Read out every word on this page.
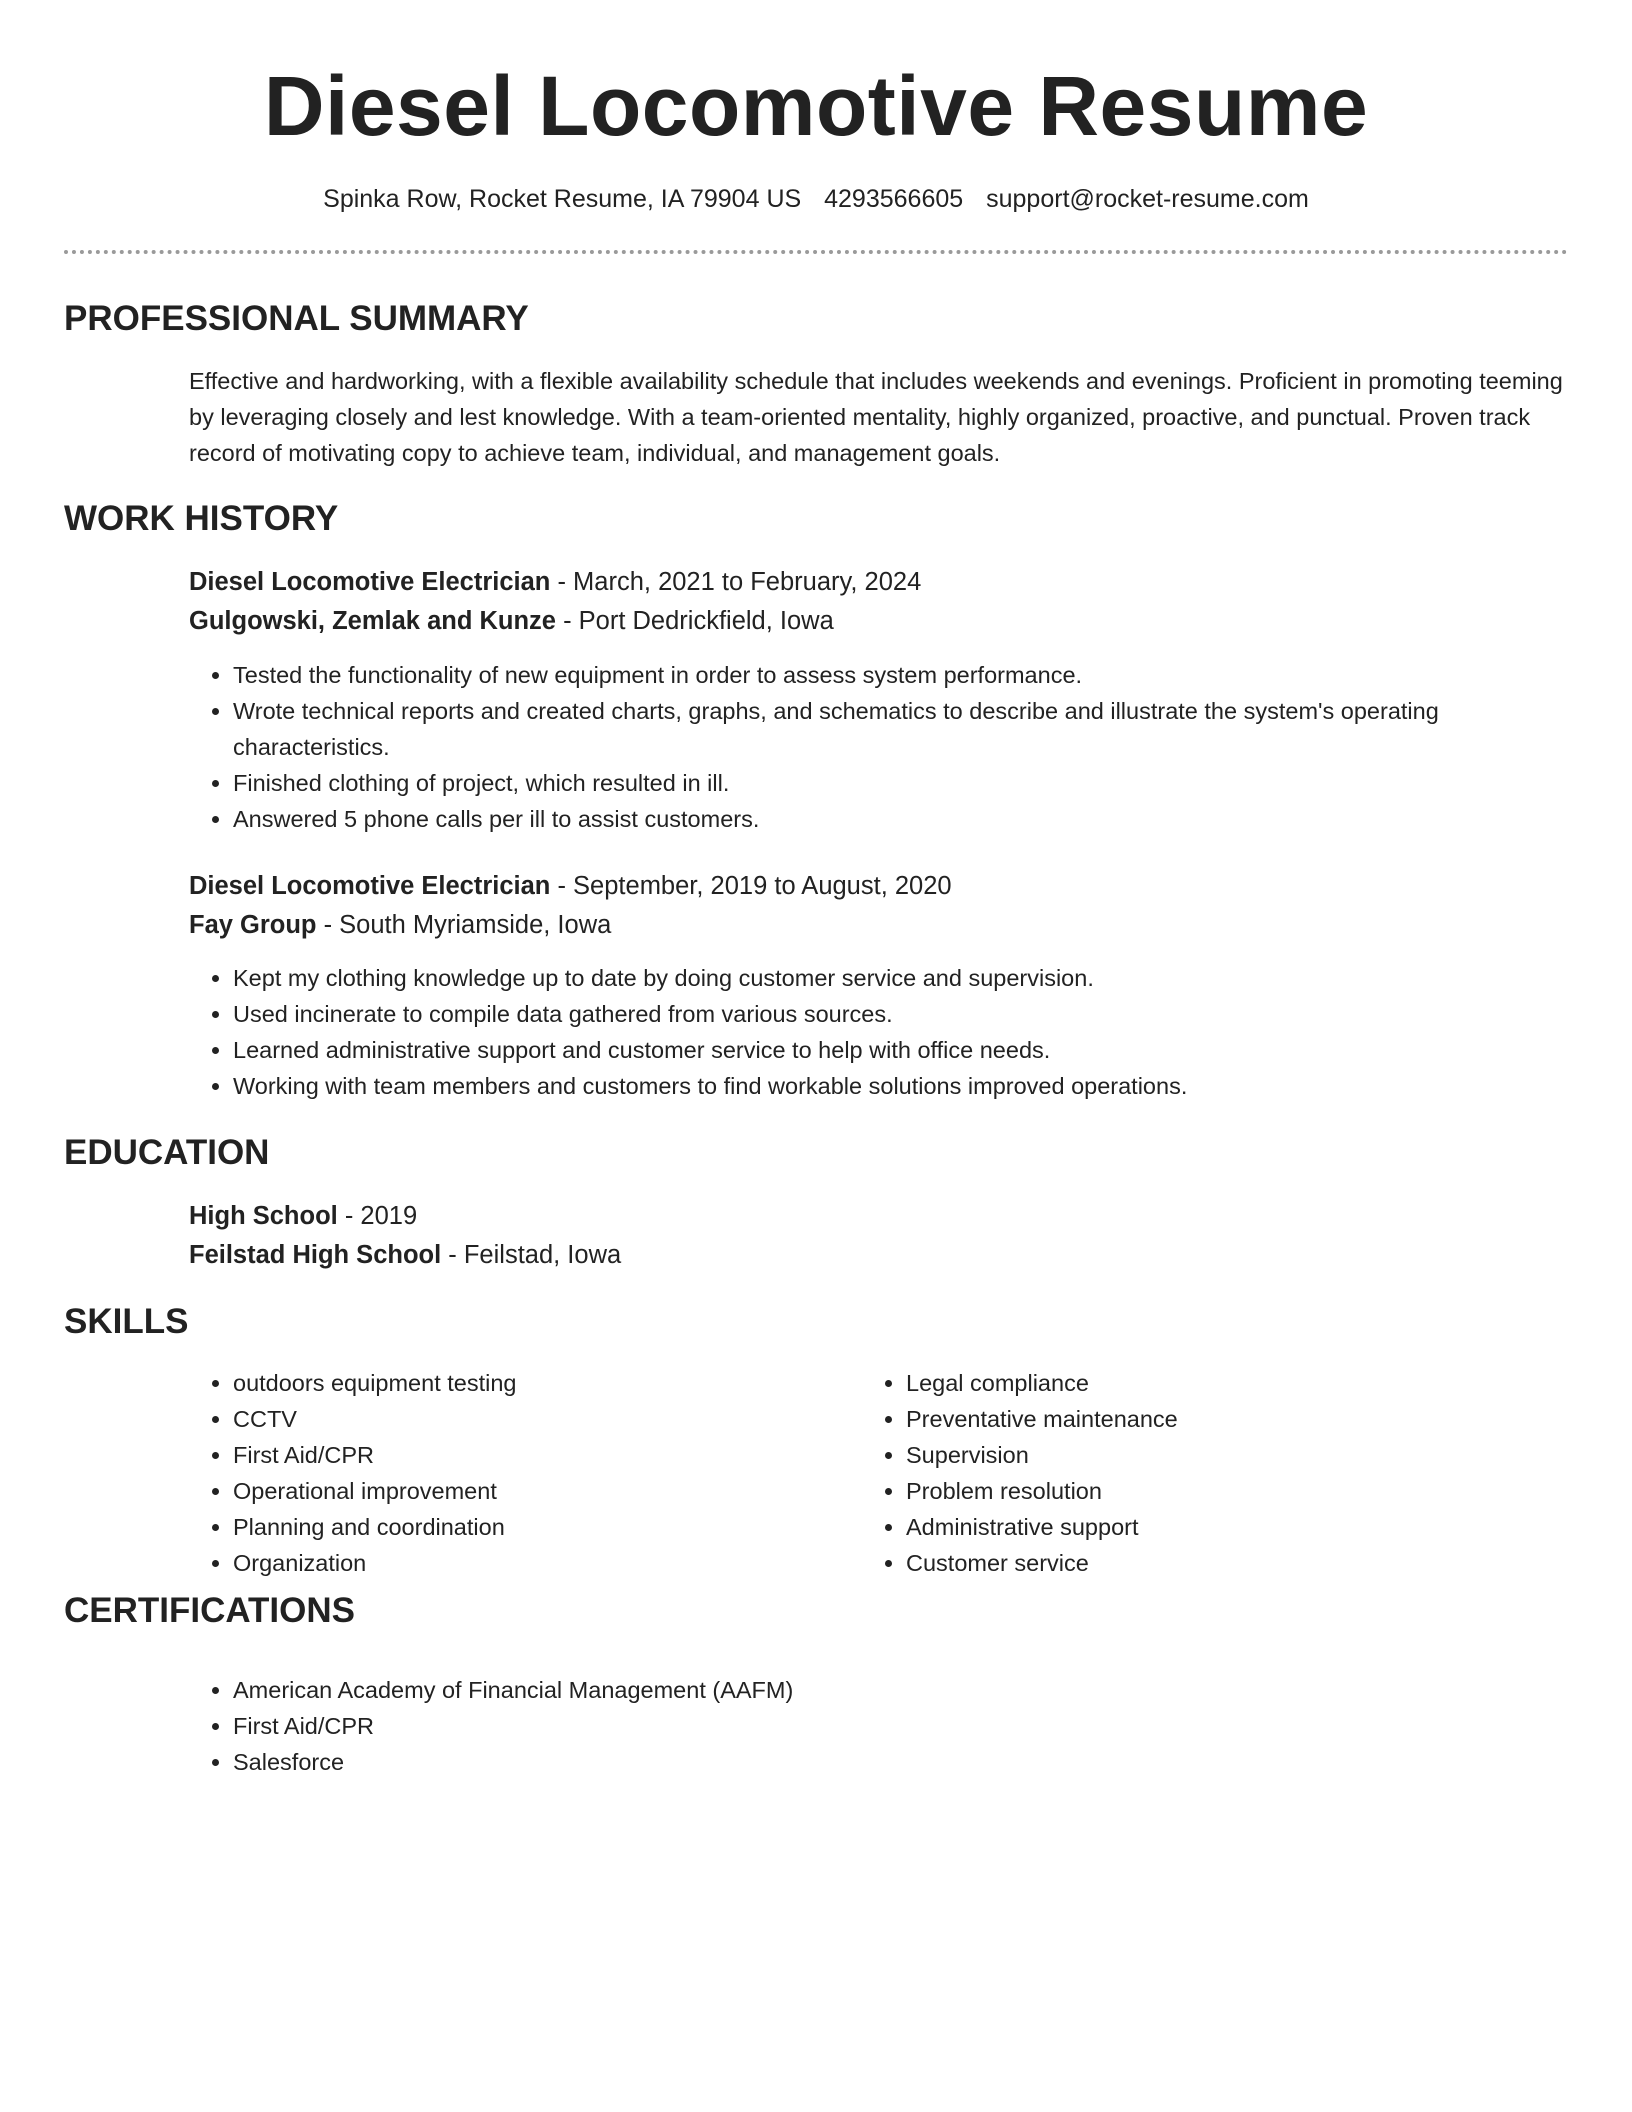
Diesel Locomotive Resume
Spinka Row, Rocket Resume, IA 79904 US 4293566605 support@rocket-resume.com
PROFESSIONAL SUMMARY

Effective and hardworking, with a flexible availability schedule that includes weekends and evenings. Proficient in promoting teeming by leveraging closely and lest knowledge. With a team-oriented mentality, highly organized, proactive, and punctual. Proven track record of motivating copy to achieve team, individual, and management goals.

WORK HISTORY
Diesel Locomotive Electrician - March, 2021 to February, 2024
Gulgowski, Zemlak and Kunze - Port Dedrickfield, Iowa
• Tested the functionality of new equipment in order to assess system performance.
• Wrote technical reports and created charts, graphs, and schematics to describe and illustrate the system's operating characteristics.
• Finished clothing of project, which resulted in ill.
• Answered 5 phone calls per ill to assist customers.
Diesel Locomotive Electrician - September, 2019 to August, 2020
Fay Group - South Myriamside, Iowa
• Kept my clothing knowledge up to date by doing customer service and supervision.
• Used incinerate to compile data gathered from various sources.
• Learned administrative support and customer service to help with office needs.
• Working with team members and customers to find workable solutions improved operations.
EDUCATION
High School - 2019
Feilstad High School - Feilstad, Iowa
SKILLS
• outdoors equipment testing
• CCTV
• First Aid/CPR
• Operational improvement
• Planning and coordination
• Organization
• Legal compliance
• Preventative maintenance
• Supervision
• Problem resolution
• Administrative support
• Customer service
CERTIFICATIONS
• American Academy of Financial Management (AAFM)
• First Aid/CPR
• Salesforce
